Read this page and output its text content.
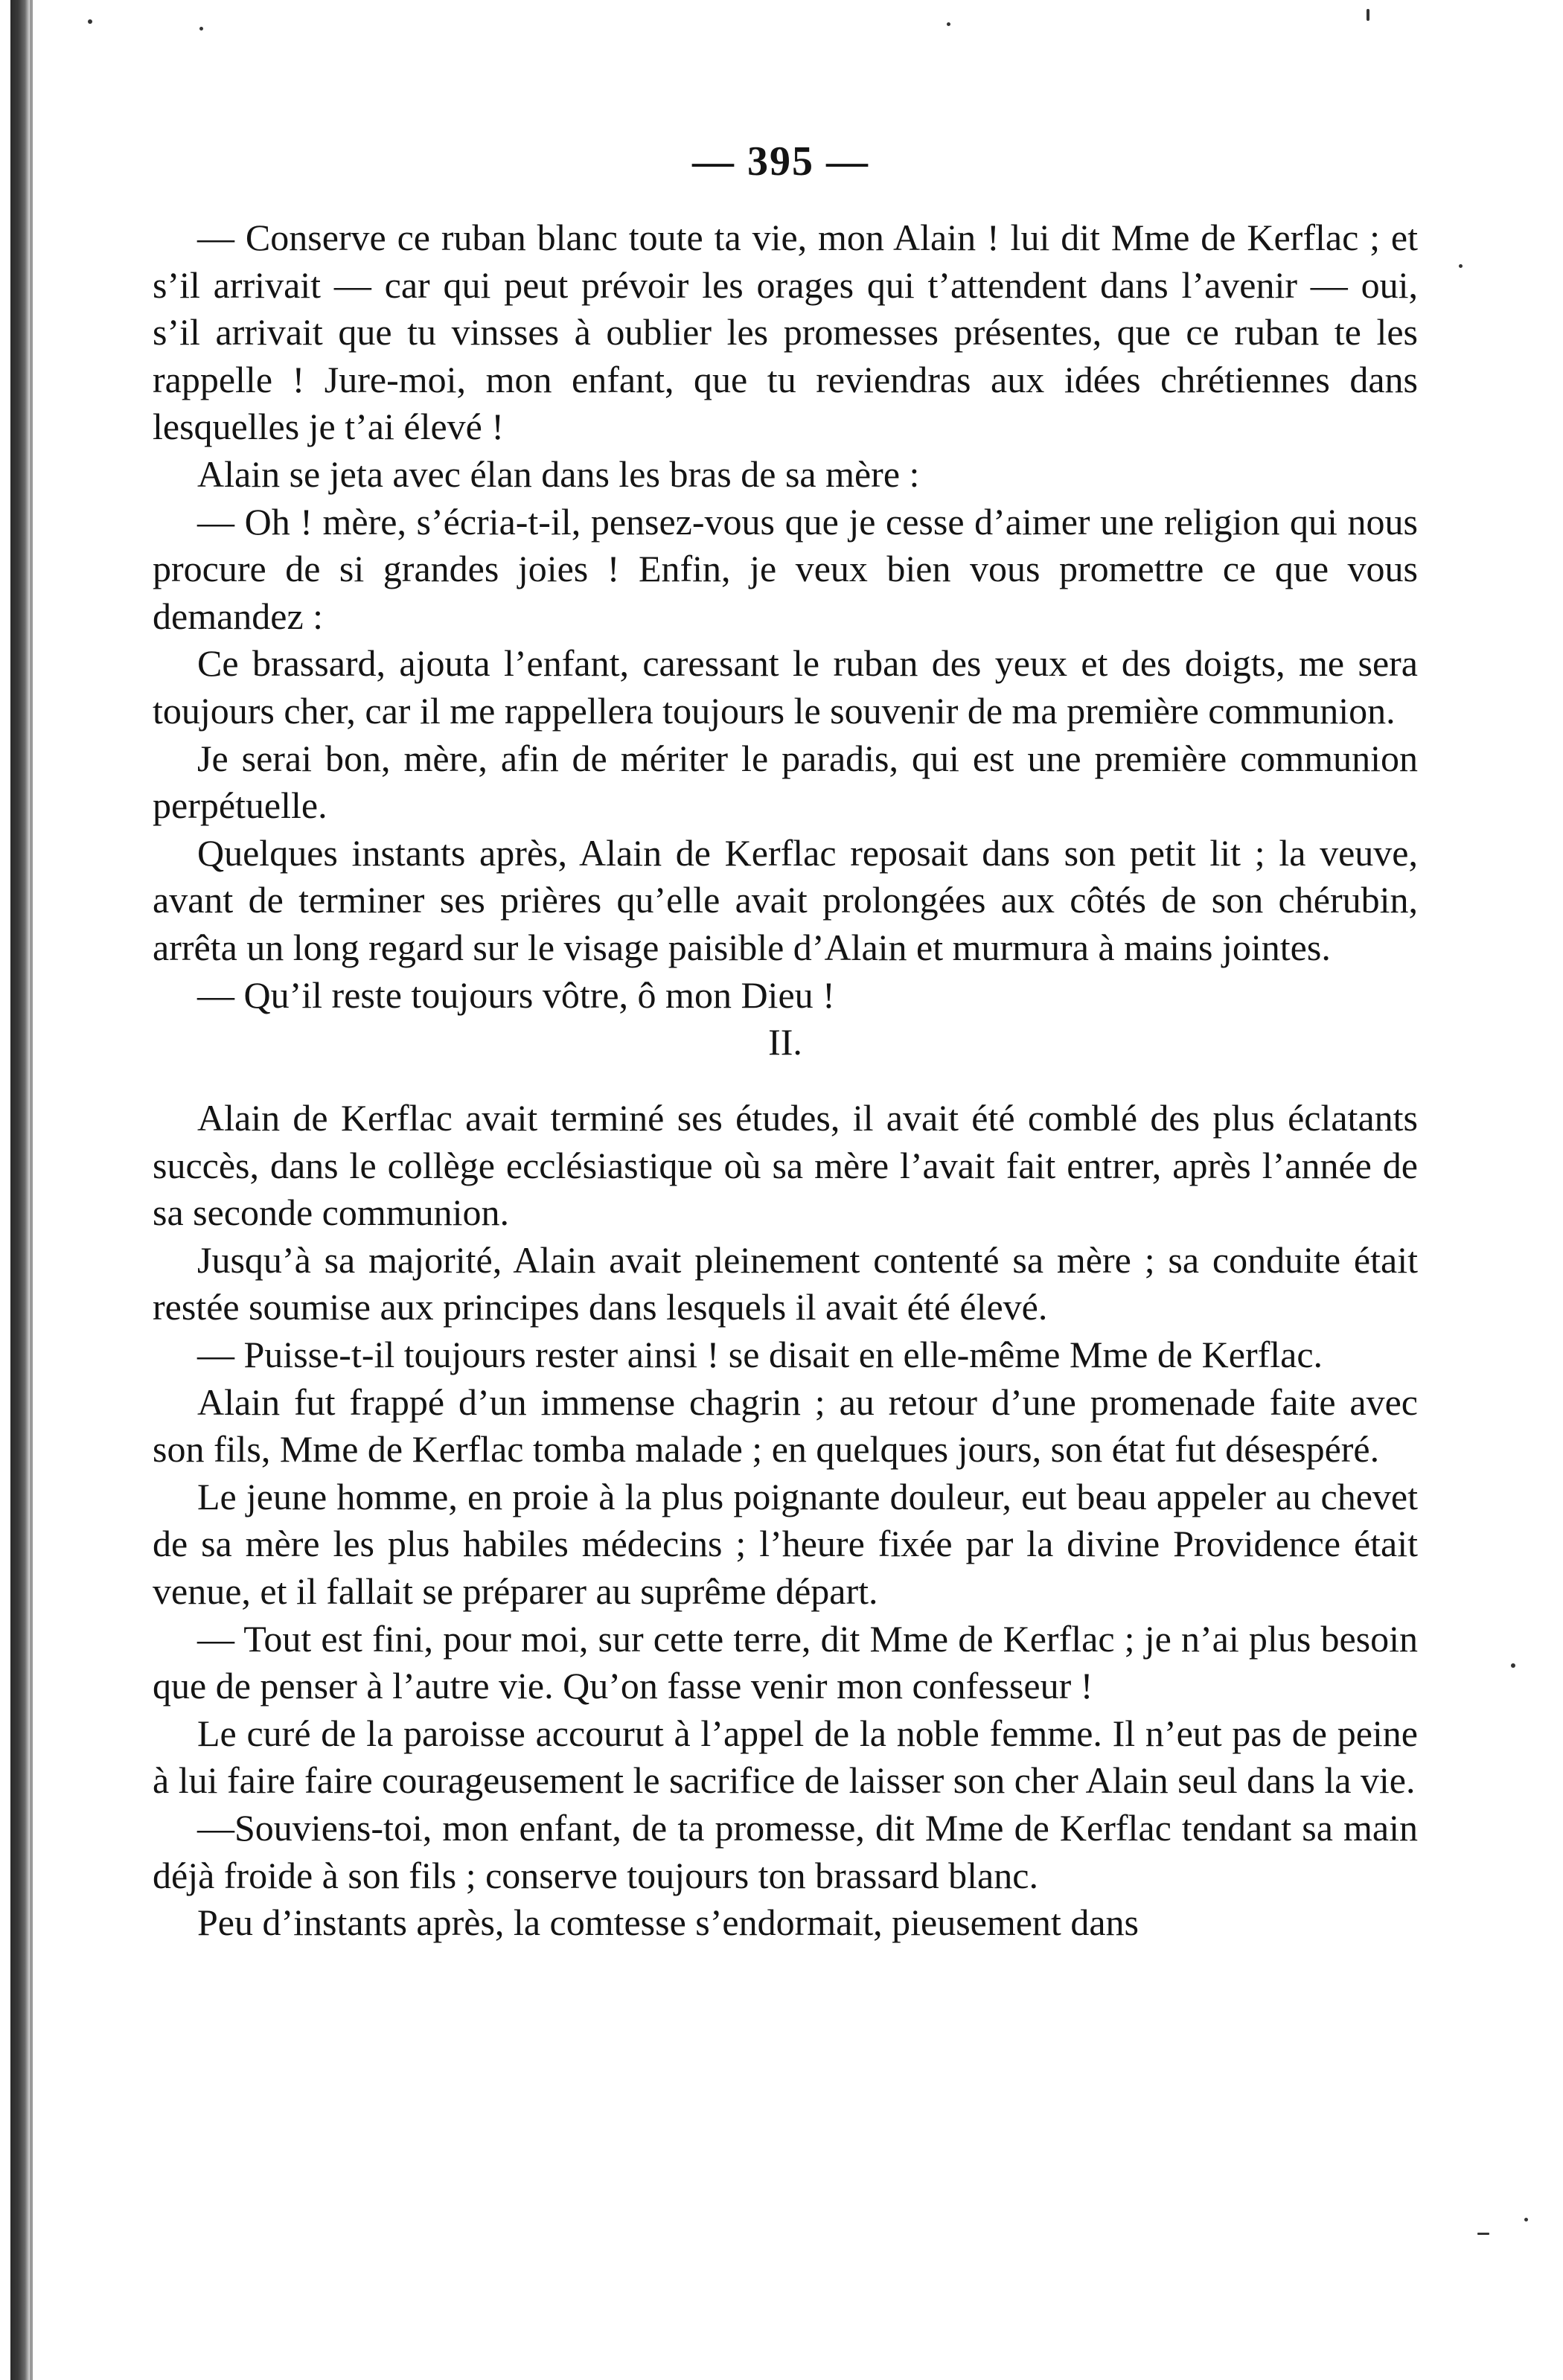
— 395 —

— Conserve ce ruban blanc toute ta vie, mon Alain ! lui dit Mme de Kerflac ; et s’il arrivait — car qui peut prévoir les orages qui t’attendent dans l’avenir — oui, s’il arrivait que tu vinsses à oublier les promesses présentes, que ce ruban te les rappelle ! Jure-moi, mon enfant, que tu reviendras aux idées chrétiennes dans lesquelles je t’ai élevé !

Alain se jeta avec élan dans les bras de sa mère :

— Oh ! mère, s’écria-t-il, pensez-vous que je cesse d’aimer une religion qui nous procure de si grandes joies ! Enfin, je veux bien vous promettre ce que vous demandez :

Ce brassard, ajouta l’enfant, caressant le ruban des yeux et des doigts, me sera toujours cher, car il me rappellera toujours le souvenir de ma première communion.

Je serai bon, mère, afin de mériter le paradis, qui est une première communion perpétuelle.

Quelques instants après, Alain de Kerflac reposait dans son petit lit ; la veuve, avant de terminer ses prières qu’elle avait prolongées aux côtés de son chérubin, arrêta un long regard sur le visage paisible d’Alain et murmura à mains jointes.

— Qu’il reste toujours vôtre, ô mon Dieu !

II.

Alain de Kerflac avait terminé ses études, il avait été comblé des plus éclatants succès, dans le collège ecclésiastique où sa mère l’avait fait entrer, après l’année de sa seconde communion.

Jusqu’à sa majorité, Alain avait pleinement contenté sa mère ; sa conduite était restée soumise aux principes dans lesquels il avait été élevé.

— Puisse-t-il toujours rester ainsi ! se disait en elle-même Mme de Kerflac.

Alain fut frappé d’un immense chagrin ; au retour d’une promenade faite avec son fils, Mme de Kerflac tomba malade ; en quelques jours, son état fut désespéré.

Le jeune homme, en proie à la plus poignante douleur, eut beau appeler au chevet de sa mère les plus habiles médecins ; l’heure fixée par la divine Providence était venue, et il fallait se préparer au suprême départ.

— Tout est fini, pour moi, sur cette terre, dit Mme de Kerflac ; je n’ai plus besoin que de penser à l’autre vie. Qu’on fasse venir mon confesseur !

Le curé de la paroisse accourut à l’appel de la noble femme. Il n’eut pas de peine à lui faire faire courageusement le sacrifice de laisser son cher Alain seul dans la vie.

—Souviens-toi, mon enfant, de ta promesse, dit Mme de Kerflac tendant sa main déjà froide à son fils ; conserve toujours ton brassard blanc.

Peu d’instants après, la comtesse s’endormait, pieusement dans
